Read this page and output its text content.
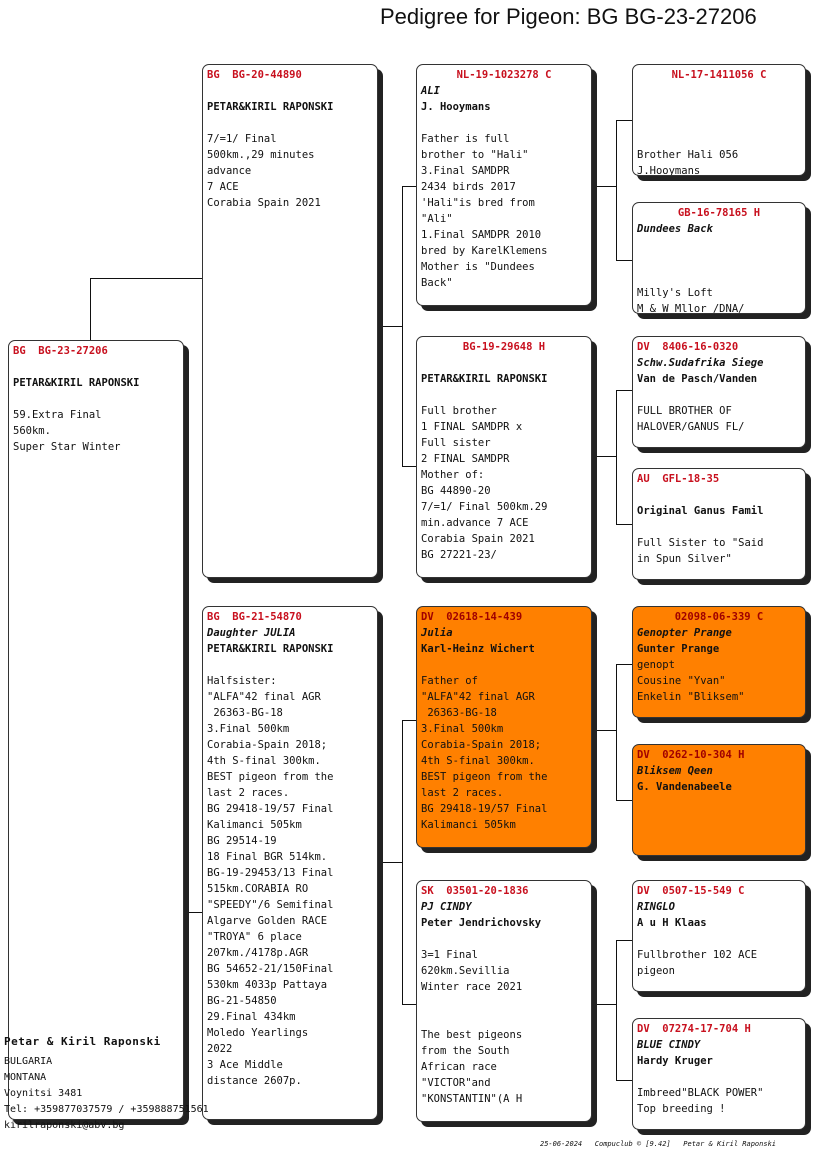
Pedigree for Pigeon: BG BG-23-27206
BG  BG-23-27206
PETAR&KIRIL RAPONSKI
59.Extra Final
560km.
Super Star Winter
BG  BG-20-44890
PETAR&KIRIL RAPONSKI
7/=1/ Final
500km.,29 minutes
advance
7 ACE
Corabia Spain 2021
BG  BG-21-54870
Daughter JULIA
PETAR&KIRIL RAPONSKI
Halfsister:
"ALFA"42 final AGR
26363-BG-18
3.Final 500km
Corabia-Spain 2018;
4th S-final 300km.
BEST pigeon from the
last 2 races.
BG 29418-19/57 Final
Kalimanci 505km
BG 29514-19
18 Final BGR 514km.
BG-19-29453/13 Final
515km.CORABIA RO
"SPEEDY"/6 Semifinal
Algarve Golden RACE
"TROYA" 6 place
207km./4178p.AGR
BG 54652-21/150Final
530km 4033p Pattaya
BG-21-54850
29.Final 434km
Moledo Yearlings
2022
3 Ace Middle
distance 2607p.
NL-19-1023278 C
ALI
J. Hooymans
Father is full
brother to "Hali"
3.Final SAMDPR
2434 birds 2017
'Hali"is bred from
"Ali"
1.Final SAMDPR 2010
bred by KarelKlemens
Mother is "Dundees
Back"
BG-19-29648 H
PETAR&KIRIL RAPONSKI
Full brother
1 FINAL SAMDPR x
Full sister
2 FINAL SAMDPR
Mother of:
BG 44890-20
7/=1/ Final 500km.29
min.advance 7 ACE
Corabia Spain 2021
BG 27221-23/
DV  02618-14-439
Julia
Karl-Heinz Wichert
Father of
"ALFA"42 final AGR
26363-BG-18
3.Final 500km
Corabia-Spain 2018;
4th S-final 300km.
BEST pigeon from the
last 2 races.
BG 29418-19/57 Final
Kalimanci 505km
SK  03501-20-1836
PJ CINDY
Peter Jendrichovsky
3=1 Final
620km.Sevillia
Winter race 2021
The best pigeons
from the South
African race
"VICTOR"and
"KONSTANTIN"(A H
NL-17-1411056 C
Brother Hali 056
J.Hooymans
GB-16-78165 H
Dundees Back
Milly's Loft
M & W Mllor /DNA/
DV  8406-16-0320
Schw.Sudafrika Siege
Van de Pasch/Vanden
FULL BROTHER OF
HALOVER/GANUS FL/
AU  GFL-18-35
Original Ganus Famil
Full Sister to "Said
in Spun Silver"
02098-06-339 C
Genopter Prange
Gunter Prange
genopt
Cousine "Yvan"
Enkelin "Bliksem"
DV  0262-10-304 H
Bliksem Qeen
G. Vandenabeele
DV  0507-15-549 C
RINGLO
A u H Klaas
Fullbrother 102 ACE
pigeon
DV  07274-17-704 H
BLUE CINDY
Hardy Kruger
Imbreed"BLACK POWER"
Top breeding !
Petar & Kiril Raponski
BULGARIA
MONTANA
Voynitsi 3481
Tel: +359877037579 / +359888751561
kirilraponski@abv.bg
25-06-2024   Compuclub © [9.42]   Petar & Kiril Raponski
